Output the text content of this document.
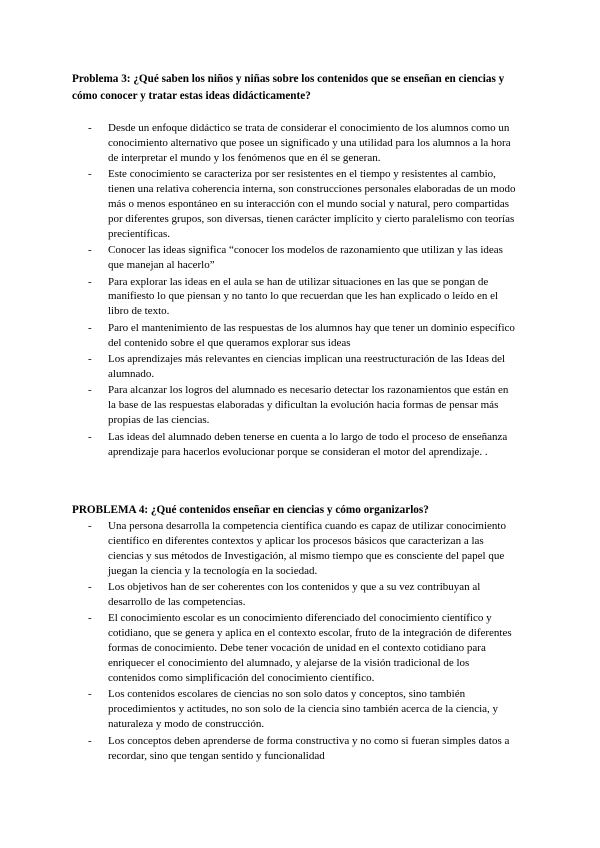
Problema 3: ¿Qué saben los niños y niñas sobre los contenidos que se enseñan en ciencias y cómo conocer y tratar estas ideas didácticamente?

- Desde un enfoque didáctico se trata de considerar el conocimiento de los alumnos como un conocimiento alternativo que posee un significado y una utilidad para los alumnos a la hora de interpretar el mundo y los fenómenos que en él se generan.
- Este conocimiento se caracteriza por ser resistentes en el tiempo y resistentes al cambio, tienen una relativa coherencia interna, son construcciones personales elaboradas de un modo más o menos espontáneo en su interacción con el mundo social y natural, pero compartidas por diferentes grupos, son diversas, tienen carácter implícito y cierto paralelismo con teorías precientíficas.
- Conocer las ideas significa “conocer los modelos de razonamiento que utilizan y las ideas que manejan al hacerlo”
- Para explorar las ideas en el aula se han de utilizar situaciones en las que se pongan de manifiesto lo que piensan y no tanto lo que recuerdan que les han explicado o leído en el libro de texto.
- Paro el mantenimiento de las respuestas de los alumnos hay que tener un dominio específico del contenido sobre el que queramos explorar sus ideas
- Los aprendizajes más relevantes en ciencias implican una reestructuración de las Ideas del alumnado.
- Para alcanzar los logros del alumnado es necesario detectar los razonamientos que están en la base de las respuestas elaboradas y dificultan la evolución hacia formas de pensar más propias de las ciencias.
- Las ideas del alumnado deben tenerse en cuenta a lo largo de todo el proceso de enseñanza aprendizaje para hacerlos evolucionar porque se consideran el motor del aprendizaje. .

PROBLEMA 4: ¿Qué contenidos enseñar en ciencias y cómo organizarlos?

- Una persona desarrolla la competencia científica cuando es capaz de utilizar conocimiento científico en diferentes contextos y aplicar los procesos básicos que caracterizan a las ciencias y sus métodos de Investigación, al mismo tiempo que es consciente del papel que juegan la ciencia y la tecnología en la sociedad.
- Los objetivos han de ser coherentes con los contenidos y que a su vez contribuyan al desarrollo de las competencias.
- El conocimiento escolar es un conocimiento diferenciado del conocimiento científico y cotidiano, que se genera y aplica en el contexto escolar, fruto de la integración de diferentes formas de conocimiento. Debe tener vocación de unidad en el contexto cotidiano para enriquecer el conocimiento del alumnado, y alejarse de la visión tradicional de los contenidos como simplificación del conocimiento científico.
- Los contenidos escolares de ciencias no son solo datos y conceptos, sino también procedimientos y actitudes, no son solo de la ciencia sino también acerca de la ciencia, y naturaleza y modo de construcción.
- Los conceptos deben aprenderse de forma constructiva y no como si fueran simples datos a recordar, sino que tengan sentido y funcionalidad
